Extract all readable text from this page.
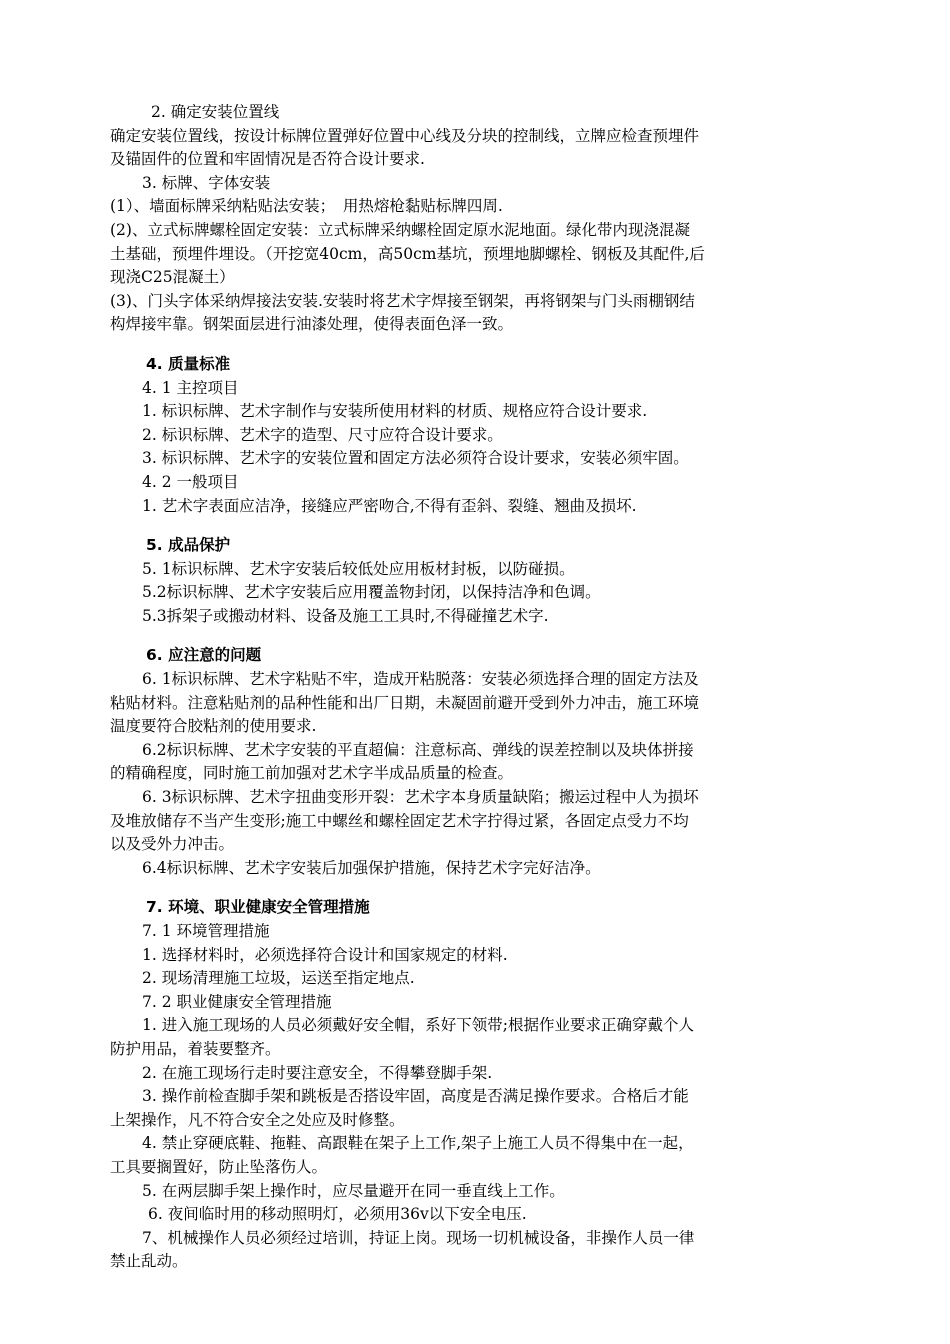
2. 确定安装位置线
确定安装位置线，按设计标牌位置弹好位置中心线及分块的控制线，立牌应检查预埋件
及锚固件的位置和牢固情况是否符合设计要求.
3. 标牌、字体安装
(1）、墙面标牌采纳粘贴法安装；　用热熔枪黏贴标牌四周.
(2)、立式标牌螺栓固定安装：立式标牌采纳螺栓固定原水泥地面。绿化带内现浇混凝
土基础，预埋件埋设。（开挖宽40cm，高50cm基坑，预埋地脚螺栓、钢板及其配件,后
现浇C25混凝土）
(3)、门头字体采纳焊接法安装.安装时将艺术字焊接至钢架，再将钢架与门头雨棚钢结
构焊接牢靠。钢架面层进行油漆处理，使得表面色泽一致。
4. 质量标准
4. 1 主控项目
1. 标识标牌、艺术字制作与安装所使用材料的材质、规格应符合设计要求.
2. 标识标牌、艺术字的造型、尺寸应符合设计要求。
3. 标识标牌、艺术字的安装位置和固定方法必须符合设计要求，安装必须牢固。
4. 2 一般项目
1. 艺术字表面应洁净，接缝应严密吻合,不得有歪斜、裂缝、翘曲及损坏.
5. 成品保护
5. 1标识标牌、艺术字安装后较低处应用板材封板，以防碰损。
5.2标识标牌、艺术字安装后应用覆盖物封闭，以保持洁净和色调。
5.3拆架子或搬动材料、设备及施工工具时,不得碰撞艺术字.
6. 应注意的问题
6. 1标识标牌、艺术字粘贴不牢，造成开粘脱落：安装必须选择合理的固定方法及
粘贴材料。注意粘贴剂的品种性能和出厂日期，未凝固前避开受到外力冲击，施工环境
温度要符合胶粘剂的使用要求.
6.2标识标牌、艺术字安装的平直超偏：注意标高、弹线的误差控制以及块体拼接
的精确程度，同时施工前加强对艺术字半成品质量的检查。
6. 3标识标牌、艺术字扭曲变形开裂：艺术字本身质量缺陷；搬运过程中人为损坏
及堆放储存不当产生变形;施工中螺丝和螺栓固定艺术字拧得过紧，各固定点受力不均
以及受外力冲击。
6.4标识标牌、艺术字安装后加强保护措施，保持艺术字完好洁净。
7. 环境、职业健康安全管理措施
7. 1 环境管理措施
1. 选择材料时，必须选择符合设计和国家规定的材料.
2. 现场清理施工垃圾，运送至指定地点.
7. 2 职业健康安全管理措施
1. 进入施工现场的人员必须戴好安全帽，系好下领带;根据作业要求正确穿戴个人
防护用品，着装要整齐。
2. 在施工现场行走时要注意安全，不得攀登脚手架.
3. 操作前检查脚手架和跳板是否搭设牢固，高度是否满足操作要求。合格后才能
上架操作，凡不符合安全之处应及时修整。
4. 禁止穿硬底鞋、拖鞋、高跟鞋在架子上工作,架子上施工人员不得集中在一起，
工具要搁置好，防止坠落伤人。
5. 在两层脚手架上操作时，应尽量避开在同一垂直线上工作。
6. 夜间临时用的移动照明灯，必须用36v以下安全电压.
7、机械操作人员必须经过培训，持证上岗。现场一切机械设备，非操作人员一律
禁止乱动。
